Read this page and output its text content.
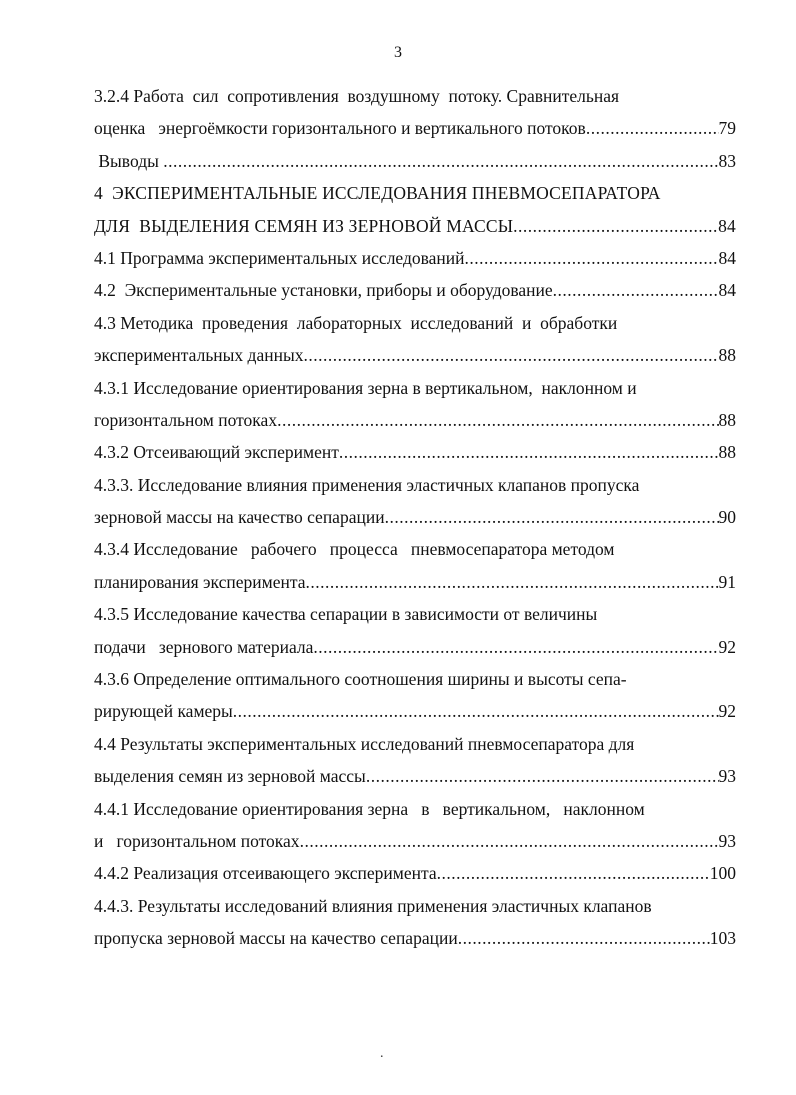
3
3.2.4 Работа  сил  сопротивления  воздушному  потоку. Сравнительная
оценка   энергоёмкости горизонтального и вертикального потоков .....	79
Выводы .....	83
4  ЭКСПЕРИМЕНТАЛЬНЫЕ ИССЛЕДОВАНИЯ ПНЕВМОСЕПАРАТОРА
ДЛЯ  ВЫДЕЛЕНИЯ СЕМЯН ИЗ ЗЕРНОВОЙ МАССЫ .....	84
4.1 Программа экспериментальных исследований .....	84
4.2  Экспериментальные установки, приборы и оборудование .....	84
4.3 Методика  проведения  лабораторных  исследований  и  обработки
экспериментальных данных .....	88
4.3.1 Исследование ориентирования зерна в вертикальном,  наклонном и
горизонтальном потоках .....	88
4.3.2 Отсеивающий эксперимент .....	88
4.3.3. Исследование влияния применения эластичных клапанов пропуска
зерновой массы на качество сепарации .....	90
4.3.4 Исследование   рабочего   процесса   пневмосепаратора методом
планирования эксперимента .....	91
4.3.5 Исследование качества сепарации в зависимости от величины
подачи   зернового материала .....	92
4.3.6 Определение оптимального соотношения ширины и высоты сепа-
рирующей камеры .....	92
4.4 Результаты экспериментальных исследований пневмосепаратора для
выделения семян из зерновой массы .....	93
4.4.1 Исследование ориентирования зерна   в   вертикальном,   наклонном
и   горизонтальном потоках .....	93
4.4.2 Реализация отсеивающего эксперимента .....	100
4.4.3. Результаты исследований влияния применения эластичных клапанов
пропуска зерновой массы на качество сепарации .....	103
.
